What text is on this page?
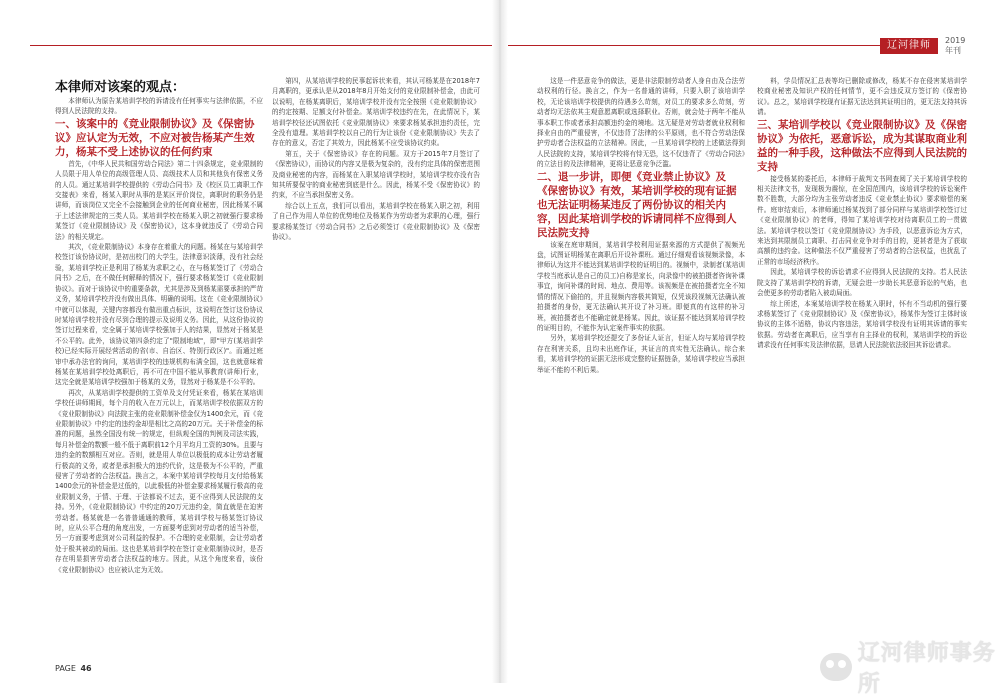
辽河律师	2019
年刊
本律师对该案的观点：

本律师认为原告某培训学校的诉请没有任何事实与法律依据，不应得到人民法院的支持。

一、该案中的《竞业限制协议》及《保密协议》应认定为无效，不应对被告杨某产生效力，杨某不受上述协议的任何约束

首先，《中华人民共和国劳动合同法》第二十四条规定，竞业限制的人员限于用人单位的高级管理人员、高级技术人员和其他负有保密义务的人员。通过某培训学校提供的《劳动合同书》及《校区员工离职工作交接表》来看，杨某入职时从事的是某区评价岗位，离职时的职务仍是讲师，而该岗位又完全不会接触到企业的任何商业秘密，因此杨某不属于上述法律规定的三类人员。某培训学校在杨某入职之初就强行要求杨某签订《竞业限制协议》及《保密协议》，这本身就违反了《劳动合同法》的相关规定。

其次，《竞业限制协议》本身存在着重大的问题。杨某在与某培训学校签订该份协议时，是初出校门的大学生，法律意识淡薄，没有社会经验，某培训学校正是利用了杨某为求职之心，在与杨某签订了《劳动合同书》之后，在不做任何解释的情况下，强行要求杨某签订《竞业限制协议》。而对于该协议中的重要条款，尤其是涉及到杨某需要承担的严苛义务，某培训学校并没有做出具体、明确的说明。这在《竞业限制协议》中就可以体现，关键内容都没有做出重点标识，这说明在签订这份协议时某培训学校并没有尽到合理的提示及说明义务。因此，从这份协议的签订过程来看，完全属于某培训学校强加于人的结果，显然对于杨某是不公平的。此外，该协议第四条约定了"限制地域"，即"甲方(某培训学校)已经实际开展经营活动的省(市、自治区、特别行政区)"。而通过庭审中承办法官的询问，某培训学校的违规机构布满全国，这也就意味着杨某在某培训学校处离职后，再不可在中国不能从事教育(讲师)行业，这完全就是某培训学校强加于杨某的义务，显然对于杨某是不公平的。

再次，从某培训学校提供的工资单及支付凭证来看，杨某在某培训学校任讲师期间，每个月的收入在万元以上，而某培训学校依据双方的《竞业限制协议》向法院主张的竞业限制补偿金仅为1400余元，而《竞业限制协议》中约定的违约金却是相比之高的20万元。关于补偿金的标准的问题，虽然全国没有统一的规定，但纵观全国的判例及司法实践，每月补偿金的数额一般不低于离职前12个月平均月工资的30%。且要与违约金的数额相互对应。否则，就是用人单位以极低的成本让劳动者履行极高的义务，或者是承担极大的违约代价，这是极为不公平的，严重侵害了劳动者的合法权益。换言之，本案中某培训学校每月支付给杨某1400余元的补偿金是过低的，以此极低的补偿金要求杨某履行极高的竞业限制义务，于情、于理、于法都说不过去，更不应得到人民法院的支持。另外，《竞业限制协议》中约定的20万元违约金，简直就是在迫害劳动者。杨某就是一名普普通通的教师，某培训学校与杨某签订协议时，应从公平合理的角度出发，一方面要考虑到对劳动者的适当补偿，另一方面要考虑到对公司利益的保护。不合理的竞业限制，会让劳动者处于极其被动的局面。这也是某培训学校在签订竞业限制协议时，是否存在明显损害劳动者合法权益的地方。因此，从这个角度来看，该份《竞业限制协议》也应被认定为无效。

第四，从某培训学校的民事起诉状来看，其认可杨某是在2018年7月离职的，更承认是从2018年8月开始支付的竞业限制补偿金，由此可以说明，在杨某离职后，某培训学校并没有完全按照《竞业限制协议》的约定按期、足额支付补偿金。某培训学校违约在先，在此情况下，某培训学校径还试图依托《竞业限制协议》来要求杨某承担违约责任，完全没有道理。某培训学校以自己的行为让该份《竞业限制协议》失去了存在的意义，否定了其效力，因此杨某不应受该协议约束。

第五，关于《保密协议》存在的问题。双方于2015年7月签订了《保密协议》，而协议的内容又是极为复杂的，没有约定具体的保密范围及商业秘密的内容，而杨某在入职某培训学校时，某培训学校亦没有告知其所要保守的商业秘密到底是什么。因此，杨某不受《保密协议》的约束，不应当承担保密义务。

综合以上五点，我们可以看出，某培训学校在杨某入职之初，利用了自己作为用人单位的优势地位及杨某作为劳动者为求职的心理，强行要求杨某签订《劳动合同书》之后必须签订《竞业限制协议》及《保密协议》。

这是一件恶意竞争的做法，更是非法限制劳动者人身自由及合法劳动权利的行径。换言之，作为一名普通的讲师，只要入职了该培训学校，无论该培训学校提供的待遇多么苛刻，对员工的要求多么苛刻，劳动者均无法依其主观意愿离职或选择职业。否则，就会处于两年不能从事本职工作或者承担高额违约金的境地。这无疑是对劳动者就业权利和择业自由的严重侵害，不仅违背了法律的公平原则，也不符合劳动法保护劳动者合法权益的立法精神。因此，一旦某培训学校的上述做法得到人民法院的支持，某培训学校将有恃无恐，这不仅违背了《劳动合同法》的立法目的及法律精神，更将让恶意竞争泛滥。

二、退一步讲，即便《竞业禁止协议》及《保密协议》有效，某培训学校的现有证据也无法证明杨某违反了两份协议的相关内容，因此某培训学校的诉请同样不应得到人民法院支持

该案在庭审期间，某培训学校利用证据来源的方式提供了视频光盘，试图证明杨某在离职后开设补课班。通过仔细观看该视频录像，本律师认为这并不能达到某培训学校的证明目的。视频中，录制者(某培训学校当庭承认是自己的员工)自称是家长，向录像中的被拍摄者咨询补课事宜，询问补课的时间、地点、费用等。该视频是在被拍摄者完全不知情的情况下偷拍的，并且视频内容极其简短，仅凭该段视频无法确认被拍摄者的身份，更无法确认其开设了补习班。即便真的有这样的补习班，被拍摄者也不能确定就是杨某。因此，该证据不能达到某培训学校的证明目的，不能作为认定案件事实的依据。

另外，某培训学校还提交了多份证人证言，但证人均与某培训学校存在利害关系，且均未出庭作证，其证言的真实性无法确认。综合来看，某培训学校的证据无法形成完整的证据链条，某培训学校应当承担举证不能的不利后果。

料，学员情况汇总表等均已删除或修改，杨某不存在侵害某培训学校商业秘密及知识产权的任何情节，更不会违反双方签订的《保密协议》。总之，某培训学校现有证据无法达到其证明目的，更无法支持其诉请。

三、某培训学校以《竞业限制协议》及《保密协议》为依托，恶意诉讼，成为其谋取商业利益的一种手段，这种做法不应得到人民法院的支持

接受杨某的委托后，本律师于裁判文书网查阅了关于某培训学校的相关法律文书，发现极为震惊，在全国范围内，该培训学校的诉讼案件数不胜数，大部分均为主张劳动者违反《竞业禁止协议》要求赔偿的案件。庭审结束后，本律师通过杨某找到了部分同样与某培训学校签订过《竞业限制协议》的老师，得知了某培训学校对待离职员工的一贯做法。某培训学校以签订《竞业限制协议》为手段，以恶意诉讼为方式，来达到其限制员工离职、打击同业竞争对手的目的，更甚者是为了获取高额的违约金。这种做法不仅严重侵害了劳动者的合法权益，也扰乱了正常的市场经济秩序。

因此，某培训学校的诉讼请求不应得到人民法院的支持。若人民法院支持了某培训学校的诉请，无疑会进一步助长其恶意诉讼的气焰，也会使更多的劳动者陷入被动局面。

综上所述，本案某培训学校在杨某入职时，怀有不当动机的强行要求杨某签订了《竞业限制协议》及《保密协议》，杨某作为签订主体时该协议的主体不适格，协议内容违法，某培训学校没有证明其诉请的事实依据。劳动者在离职后，应当享有自主择业的权利，某培训学校的诉讼请求没有任何事实及法律依据，恳请人民法院依法驳回其诉讼请求。

PAGE 46
辽河律师事务所
